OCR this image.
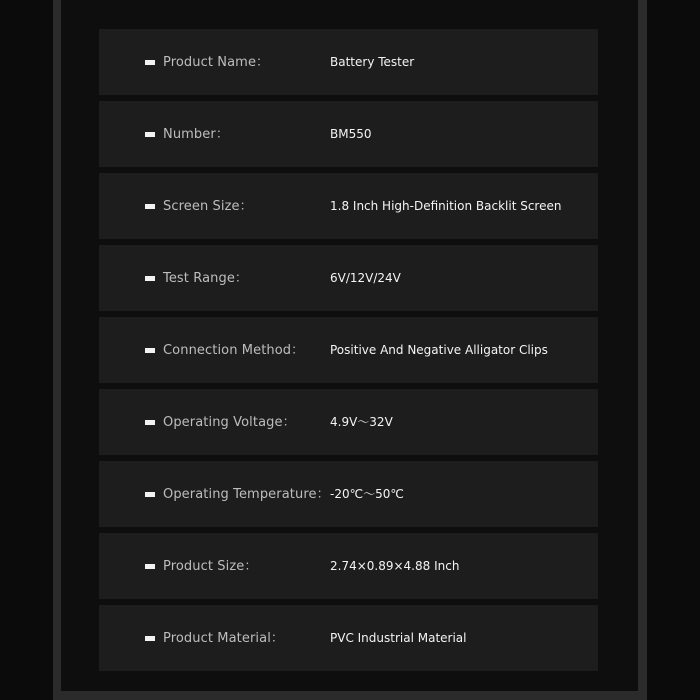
Product Name：	Battery Tester
Number：	BM550
Screen Size：	1.8 Inch High-Definition Backlit Screen
Test Range：	6V/12V/24V
Connection Method： Positive And Negative Alligator Clips
Operating Voltage：	4.9V～32V
Operating Temperature： -20℃～50℃
Product Size：	2.74×0.89×4.88 Inch
Product Material：	PVC Industrial Material
